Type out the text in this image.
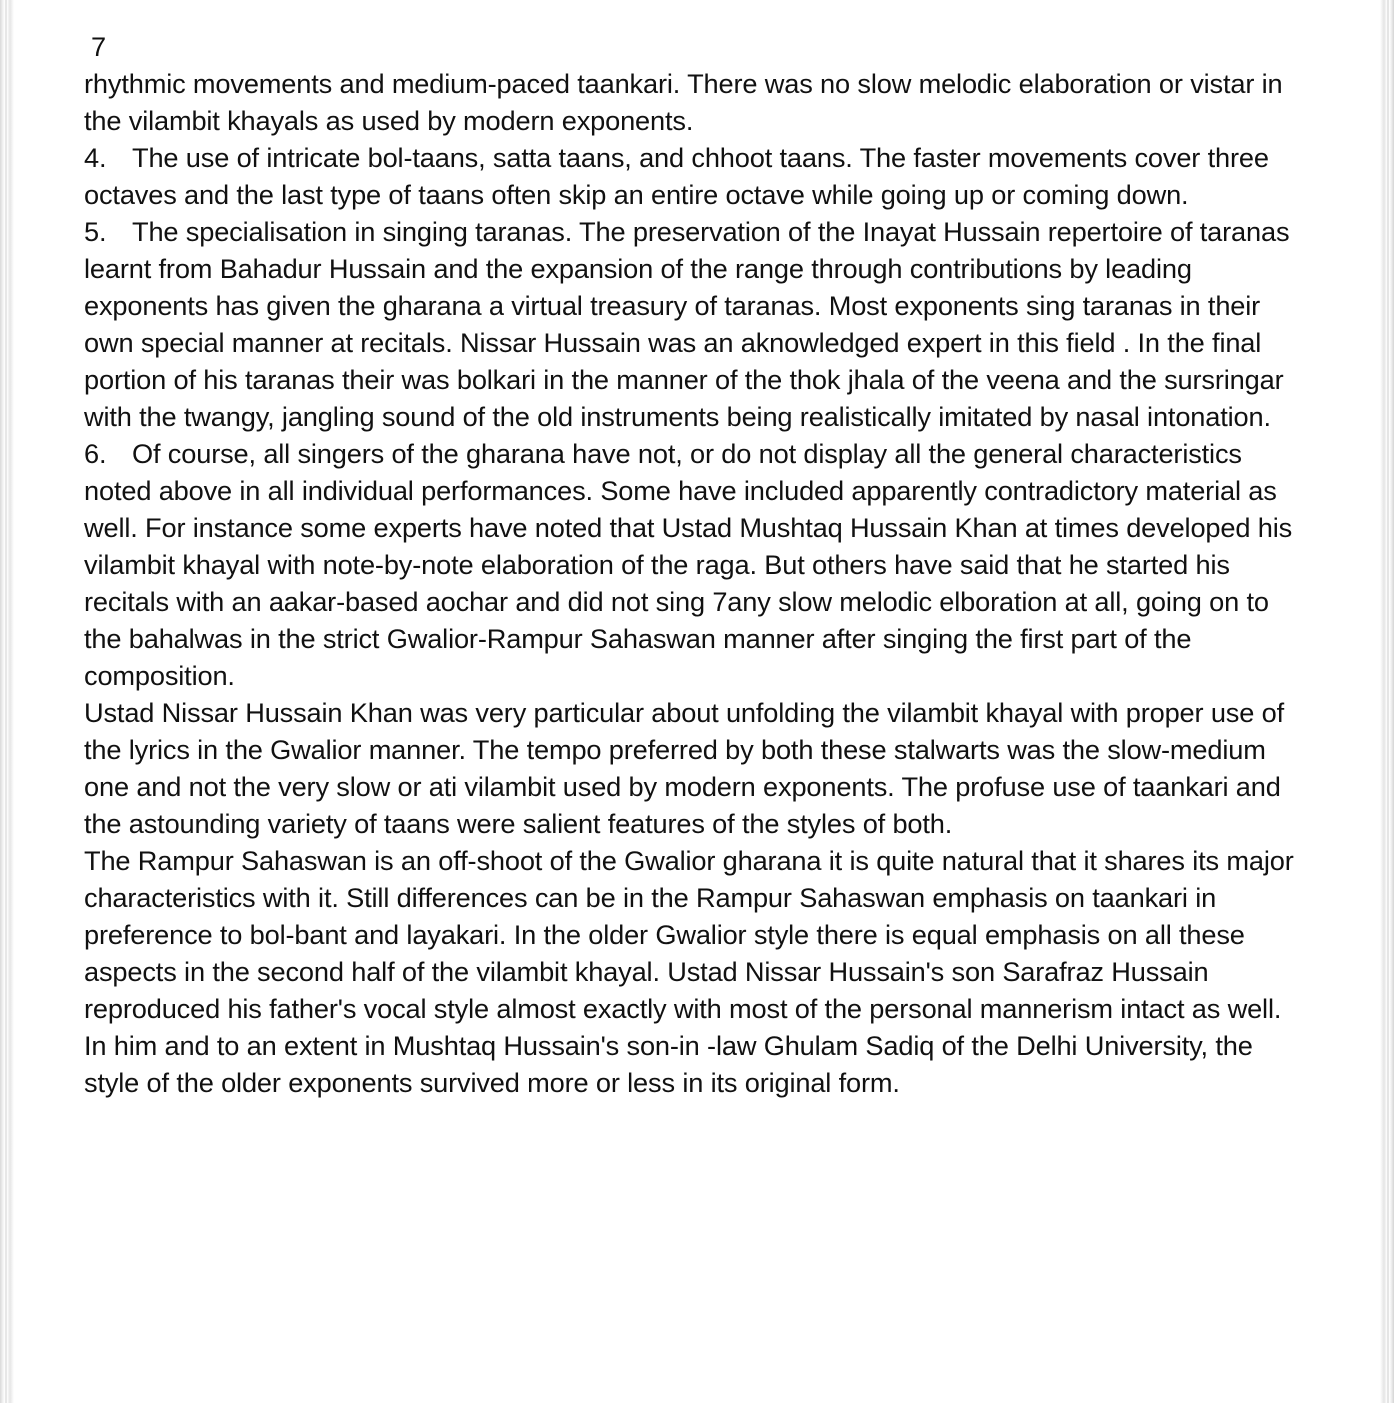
7

rhythmic movements and medium-paced taankari. There was no slow melodic elaboration or vistar in the vilambit khayals as used by modern exponents.

4. The use of intricate bol-taans, satta taans, and chhoot taans. The faster movements cover three octaves and the last type of taans often skip an entire octave while going up or coming down.

5. The specialisation in singing taranas. The preservation of the Inayat Hussain repertoire of taranas learnt from Bahadur Hussain and the expansion of the range through contributions by leading exponents has given the gharana a virtual treasury of taranas. Most exponents sing taranas in their own special manner at recitals. Nissar Hussain was an aknowledged expert in this field . In the final portion of his taranas their was bolkari in the manner of the thok jhala of the veena and the sursringar with the twangy, jangling sound of the old instruments being realistically imitated by nasal intonation.

6. Of course, all singers of the gharana have not, or do not display all the general characteristics noted above in all individual performances. Some have included apparently contradictory material as well. For instance some experts have noted that Ustad Mushtaq Hussain Khan at times developed his vilambit khayal with note-by-note elaboration of the raga. But others have said that he started his recitals with an aakar-based aochar and did not sing 7any slow melodic elboration at all, going on to the bahalwas in the strict Gwalior-Rampur Sahaswan manner after singing the first part of the composition.

Ustad Nissar Hussain Khan was very particular about unfolding the vilambit khayal with proper use of the lyrics in the Gwalior manner. The tempo preferred by both these stalwarts was the slow-medium one and not the very slow or ati vilambit used by modern exponents. The profuse use of taankari and the astounding variety of taans were salient features of the styles of both.

The Rampur Sahaswan is an off-shoot of the Gwalior gharana it is quite natural that it shares its major characteristics with it. Still differences can be in the Rampur Sahaswan emphasis on taankari in preference to bol-bant and layakari. In the older Gwalior style there is equal emphasis on all these aspects in the second half of the vilambit khayal. Ustad Nissar Hussain's son Sarafraz Hussain reproduced his father's vocal style almost exactly with most of the personal mannerism intact as well. In him and to an extent in Mushtaq Hussain's son-in -law Ghulam Sadiq of the Delhi University, the style of the older exponents survived more or less in its original form.
